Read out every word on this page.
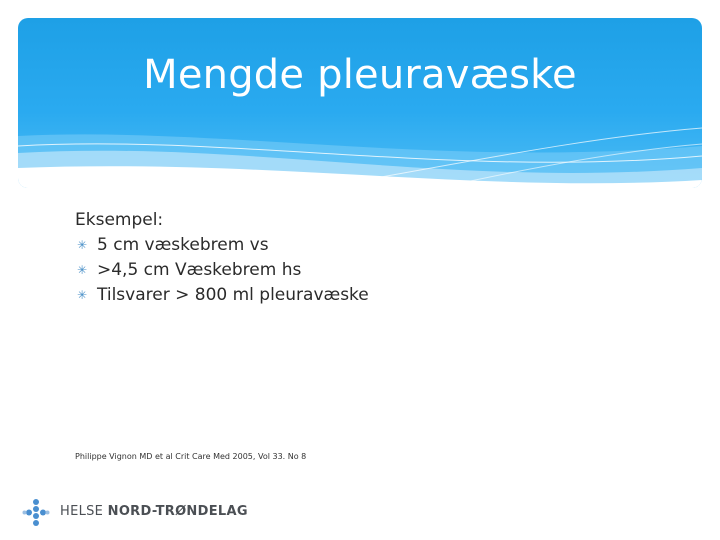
Mengde pleuravæske
Eksempel:
✳ 5 cm væskebrem vs
✳ >4,5 cm Væskebrem hs
✳ Tilsvarer > 800 ml pleuravæske
Philippe Vignon MD et al Crit Care Med 2005, Vol 33. No 8
HELSE NORD-TRØNDELAG
